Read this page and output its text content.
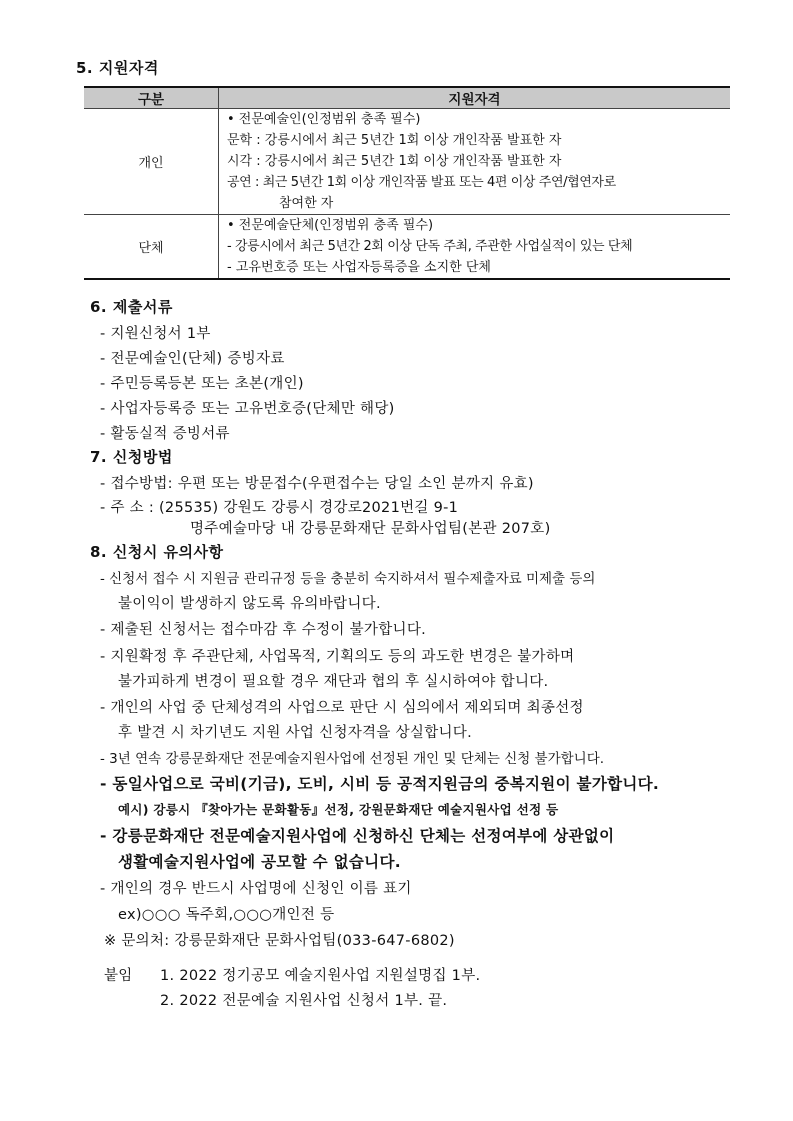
5. 지원자격
구분	지원자격
개인	• 전문예술인(인정범위 충족 필수)
문학 : 강릉시에서 최근 5년간 1회 이상 개인작품 발표한 자
시각 : 강릉시에서 최근 5년간 1회 이상 개인작품 발표한 자
공연 : 최근 5년간 1회 이상 개인작품 발표 또는 4편 이상 주연/협연자로
참여한 자

단체	• 전문예술단체(인정범위 충족 필수)
- 강릉시에서 최근 5년간 2회 이상 단독 주최, 주관한 사업실적이 있는 단체
- 고유번호증 또는 사업자등록증을 소지한 단체
6. 제출서류
- 지원신청서 1부
- 전문예술인(단체) 증빙자료
- 주민등록등본 또는 초본(개인)
- 사업자등록증 또는 고유번호증(단체만 해당)
- 활동실적 증빙서류
7. 신청방법
- 접수방법: 우편 또는 방문접수(우편접수는 당일 소인 분까지 유효)
- 주 소 : (25535) 강원도 강릉시 경강로2021번길 9-1
명주예술마당 내 강릉문화재단 문화사업팀(본관 207호)
8. 신청시 유의사항
- 신청서 접수 시 지원금 관리규정 등을 충분히 숙지하셔서 필수제출자료 미제출 등의
불이익이 발생하지 않도록 유의바랍니다.
- 제출된 신청서는 접수마감 후 수정이 불가합니다.
- 지원확정 후 주관단체, 사업목적, 기획의도 등의 과도한 변경은 불가하며
불가피하게 변경이 필요할 경우 재단과 협의 후 실시하여야 합니다.
- 개인의 사업 중 단체성격의 사업으로 판단 시 심의에서 제외되며 최종선정
후 발견 시 차기년도 지원 사업 신청자격을 상실합니다.
- 3년 연속 강릉문화재단 전문예술지원사업에 선정된 개인 및 단체는 신청 불가합니다.
- 동일사업으로 국비(기금), 도비, 시비 등 공적지원금의 중복지원이 불가합니다.
예시) 강릉시 『찾아가는 문화활동』선정, 강원문화재단 예술지원사업 선정 등
- 강릉문화재단 전문예술지원사업에 신청하신 단체는 선정여부에 상관없이
생활예술지원사업에 공모할 수 없습니다.
- 개인의 경우 반드시 사업명에 신청인 이름 표기
ex)○○○ 독주회,○○○개인전 등
※ 문의처: 강릉문화재단 문화사업팀(033-647-6802)
붙임 1. 2022 정기공모 예술지원사업 지원설명집 1부.
2. 2022 전문예술 지원사업 신청서 1부. 끝.
